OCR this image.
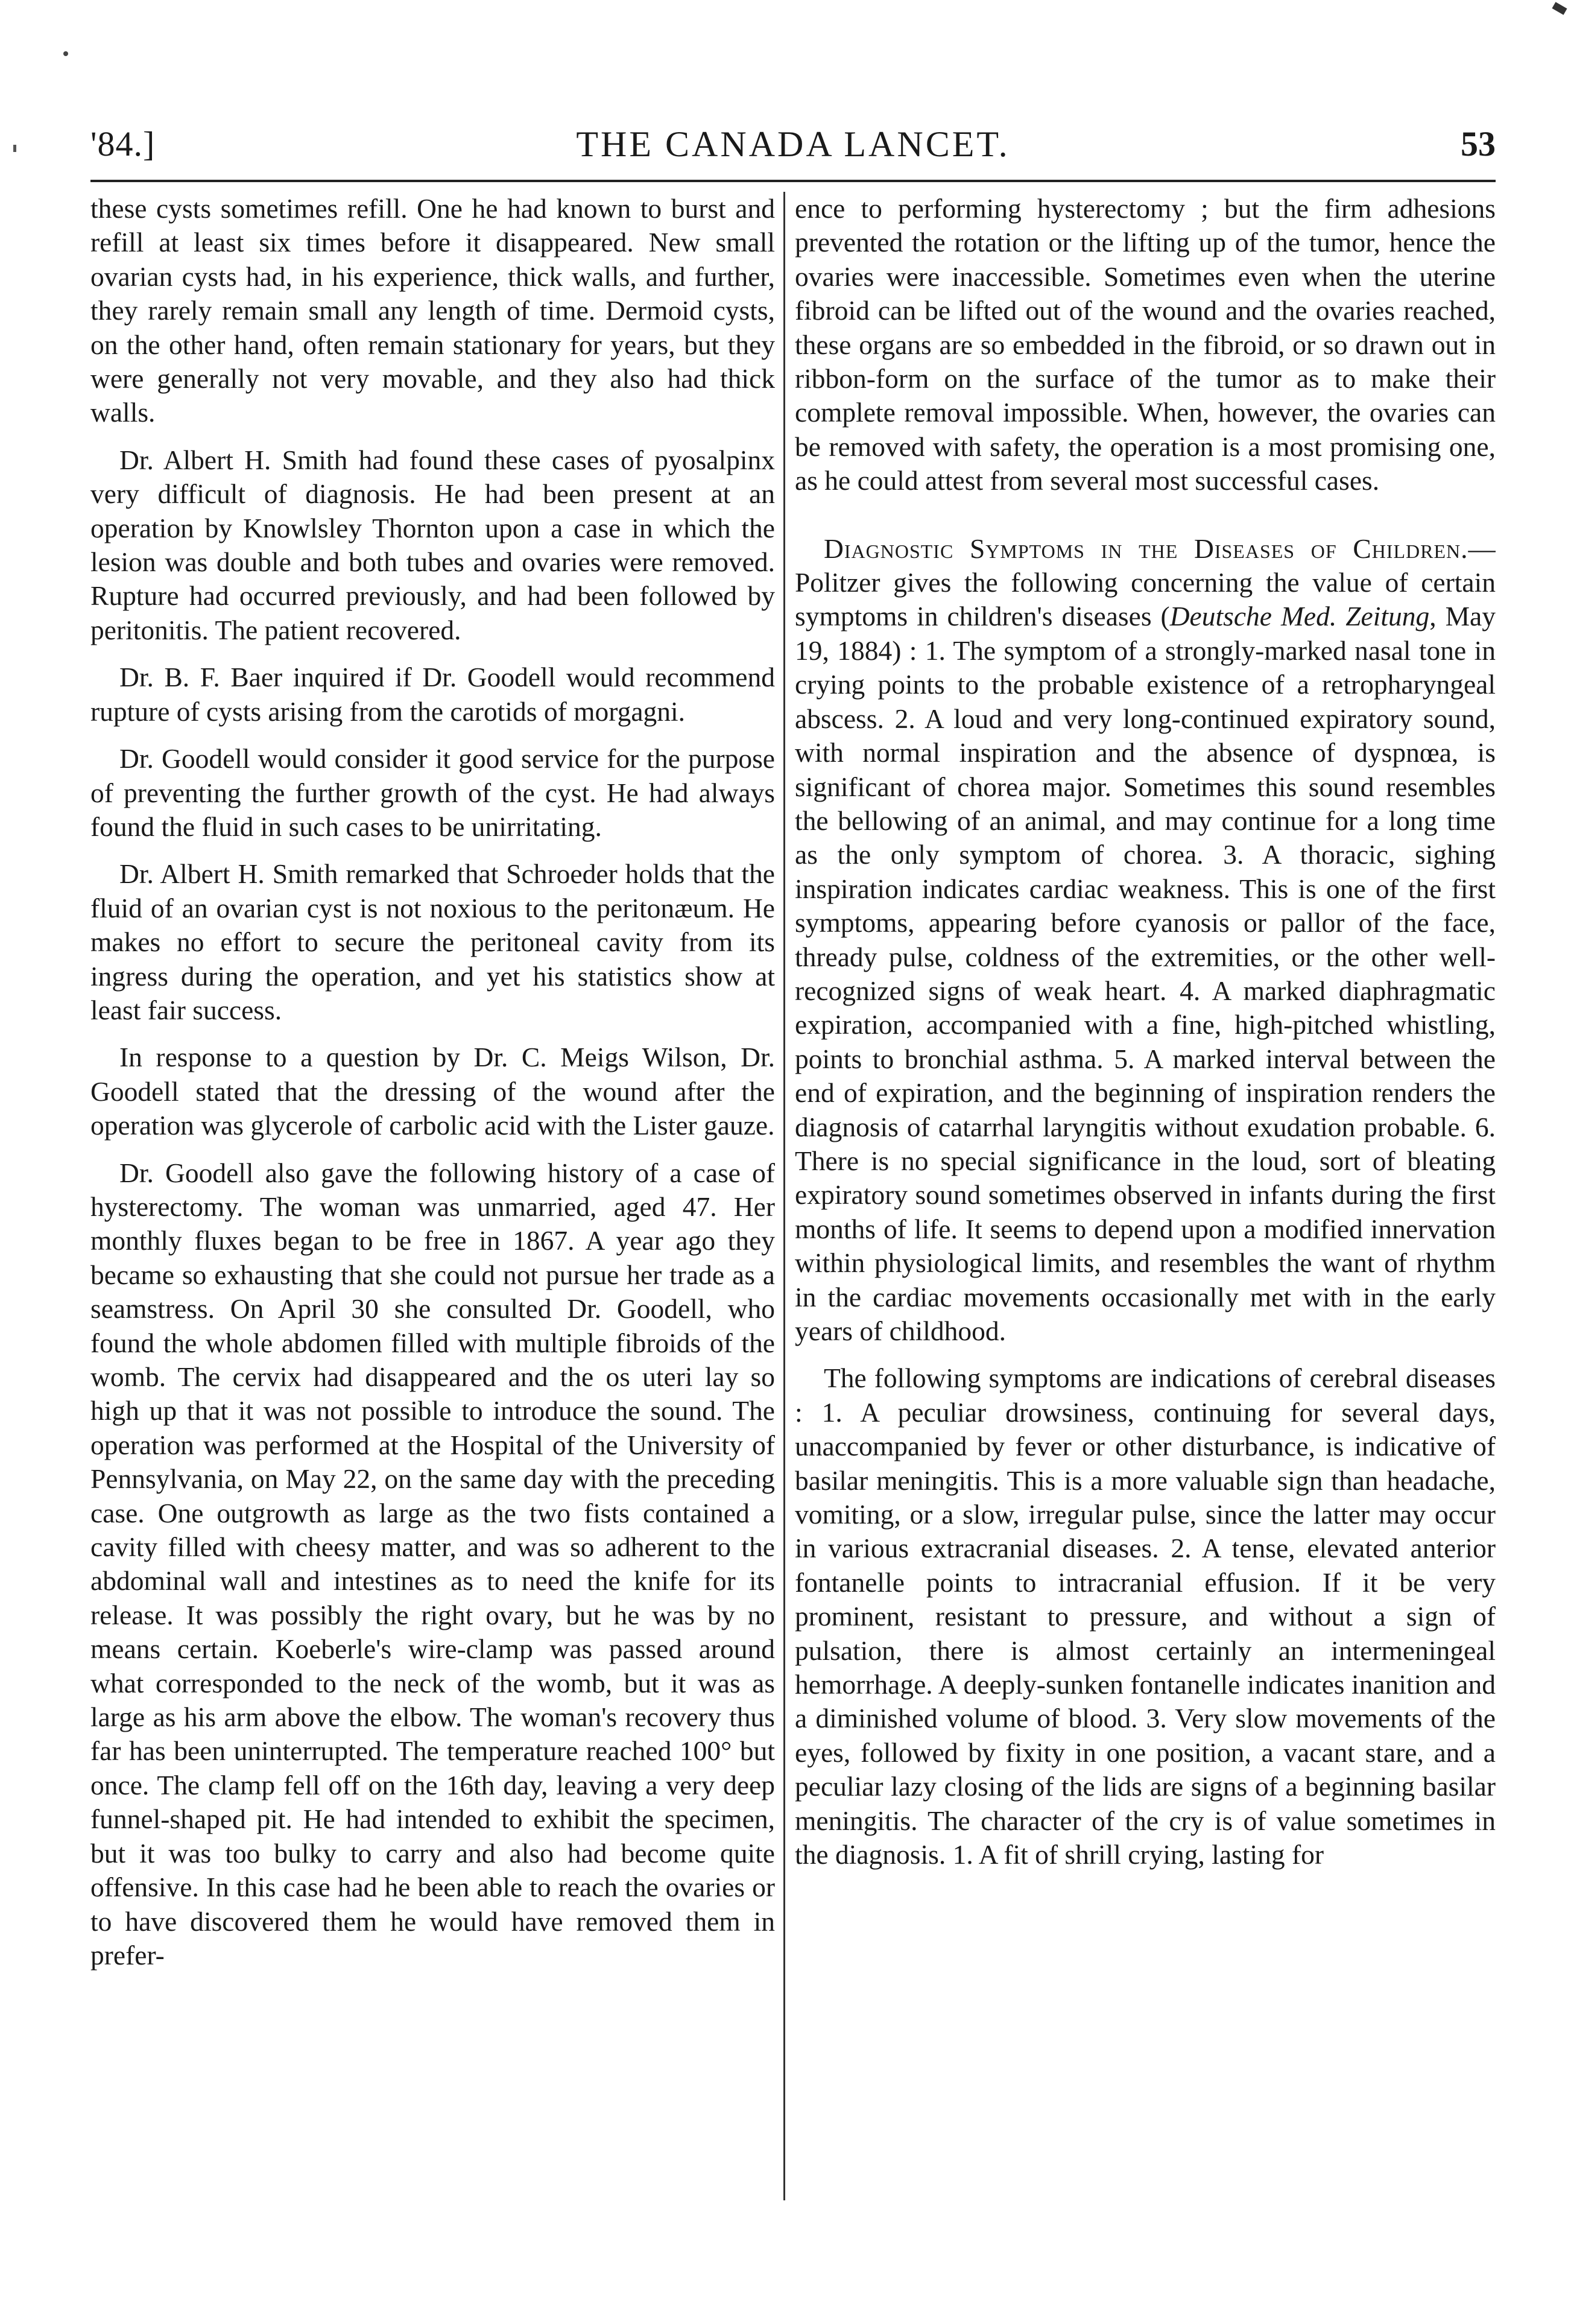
'84.]	THE CANADA LANCET.	53

these cysts sometimes refill. One he had known to burst and refill at least six times before it disappeared. New small ovarian cysts had, in his experience, thick walls, and further, they rarely remain small any length of time. Dermoid cysts, on the other hand, often remain stationary for years, but they were generally not very movable, and they also had thick walls.

Dr. Albert H. Smith had found these cases of pyosalpinx very difficult of diagnosis. He had been present at an operation by Knowlsley Thornton upon a case in which the lesion was double and both tubes and ovaries were removed. Rupture had occurred previously, and had been followed by peritonitis. The patient recovered.

Dr. B. F. Baer inquired if Dr. Goodell would recommend rupture of cysts arising from the carotids of morgagni.

Dr. Goodell would consider it good service for the purpose of preventing the further growth of the cyst. He had always found the fluid in such cases to be unirritating.

Dr. Albert H. Smith remarked that Schroeder holds that the fluid of an ovarian cyst is not noxious to the peritonæum. He makes no effort to secure the peritoneal cavity from its ingress during the operation, and yet his statistics show at least fair success.

In response to a question by Dr. C. Meigs Wilson, Dr. Goodell stated that the dressing of the wound after the operation was glycerole of carbolic acid with the Lister gauze.

Dr. Goodell also gave the following history of a case of hysterectomy. The woman was unmarried, aged 47. Her monthly fluxes began to be free in 1867. A year ago they became so exhausting that she could not pursue her trade as a seamstress. On April 30 she consulted Dr. Goodell, who found the whole abdomen filled with multiple fibroids of the womb. The cervix had disappeared and the os uteri lay so high up that it was not possible to introduce the sound. The operation was performed at the Hospital of the University of Pennsylvania, on May 22, on the same day with the preceding case. One outgrowth as large as the two fists contained a cavity filled with cheesy matter, and was so adherent to the abdominal wall and intestines as to need the knife for its release. It was possibly the right ovary, but he was by no means certain. Koeberle's wire-clamp was passed around what corresponded to the neck of the womb, but it was as large as his arm above the elbow. The woman's recovery thus far has been uninterrupted. The temperature reached 100° but once. The clamp fell off on the 16th day, leaving a very deep funnel-shaped pit. He had intended to exhibit the specimen, but it was too bulky to carry and also had become quite offensive. In this case had he been able to reach the ovaries or to have discovered them he would have removed them in prefer-

ence to performing hysterectomy ; but the firm adhesions prevented the rotation or the lifting up of the tumor, hence the ovaries were inaccessible. Sometimes even when the uterine fibroid can be lifted out of the wound and the ovaries reached, these organs are so embedded in the fibroid, or so drawn out in ribbon-form on the surface of the tumor as to make their complete removal impossible. When, however, the ovaries can be removed with safety, the operation is a most promising one, as he could attest from several most successful cases.

Diagnostic Symptoms in the Diseases of Children.—Politzer gives the following concerning the value of certain symptoms in children's diseases (Deutsche Med. Zeitung, May 19, 1884) : 1. The symptom of a strongly-marked nasal tone in crying points to the probable existence of a retropharyngeal abscess. 2. A loud and very long-continued expiratory sound, with normal inspiration and the absence of dyspnœa, is significant of chorea major. Sometimes this sound resembles the bellowing of an animal, and may continue for a long time as the only symptom of chorea. 3. A thoracic, sighing inspiration indicates cardiac weakness. This is one of the first symptoms, appearing before cyanosis or pallor of the face, thready pulse, coldness of the extremities, or the other well-recognized signs of weak heart. 4. A marked diaphragmatic expiration, accompanied with a fine, high-pitched whistling, points to bronchial asthma. 5. A marked interval between the end of expiration, and the beginning of inspiration renders the diagnosis of catarrhal laryngitis without exudation probable. 6. There is no special significance in the loud, sort of bleating expiratory sound sometimes observed in infants during the first months of life. It seems to depend upon a modified innervation within physiological limits, and resembles the want of rhythm in the cardiac movements occasionally met with in the early years of childhood.

The following symptoms are indications of cerebral diseases : 1. A peculiar drowsiness, continuing for several days, unaccompanied by fever or other disturbance, is indicative of basilar meningitis. This is a more valuable sign than headache, vomiting, or a slow, irregular pulse, since the latter may occur in various extracranial diseases. 2. A tense, elevated anterior fontanelle points to intracranial effusion. If it be very prominent, resistant to pressure, and without a sign of pulsation, there is almost certainly an intermeningeal hemorrhage. A deeply-sunken fontanelle indicates inanition and a diminished volume of blood. 3. Very slow movements of the eyes, followed by fixity in one position, a vacant stare, and a peculiar lazy closing of the lids are signs of a beginning basilar meningitis. The character of the cry is of value sometimes in the diagnosis. 1. A fit of shrill crying, lasting for
